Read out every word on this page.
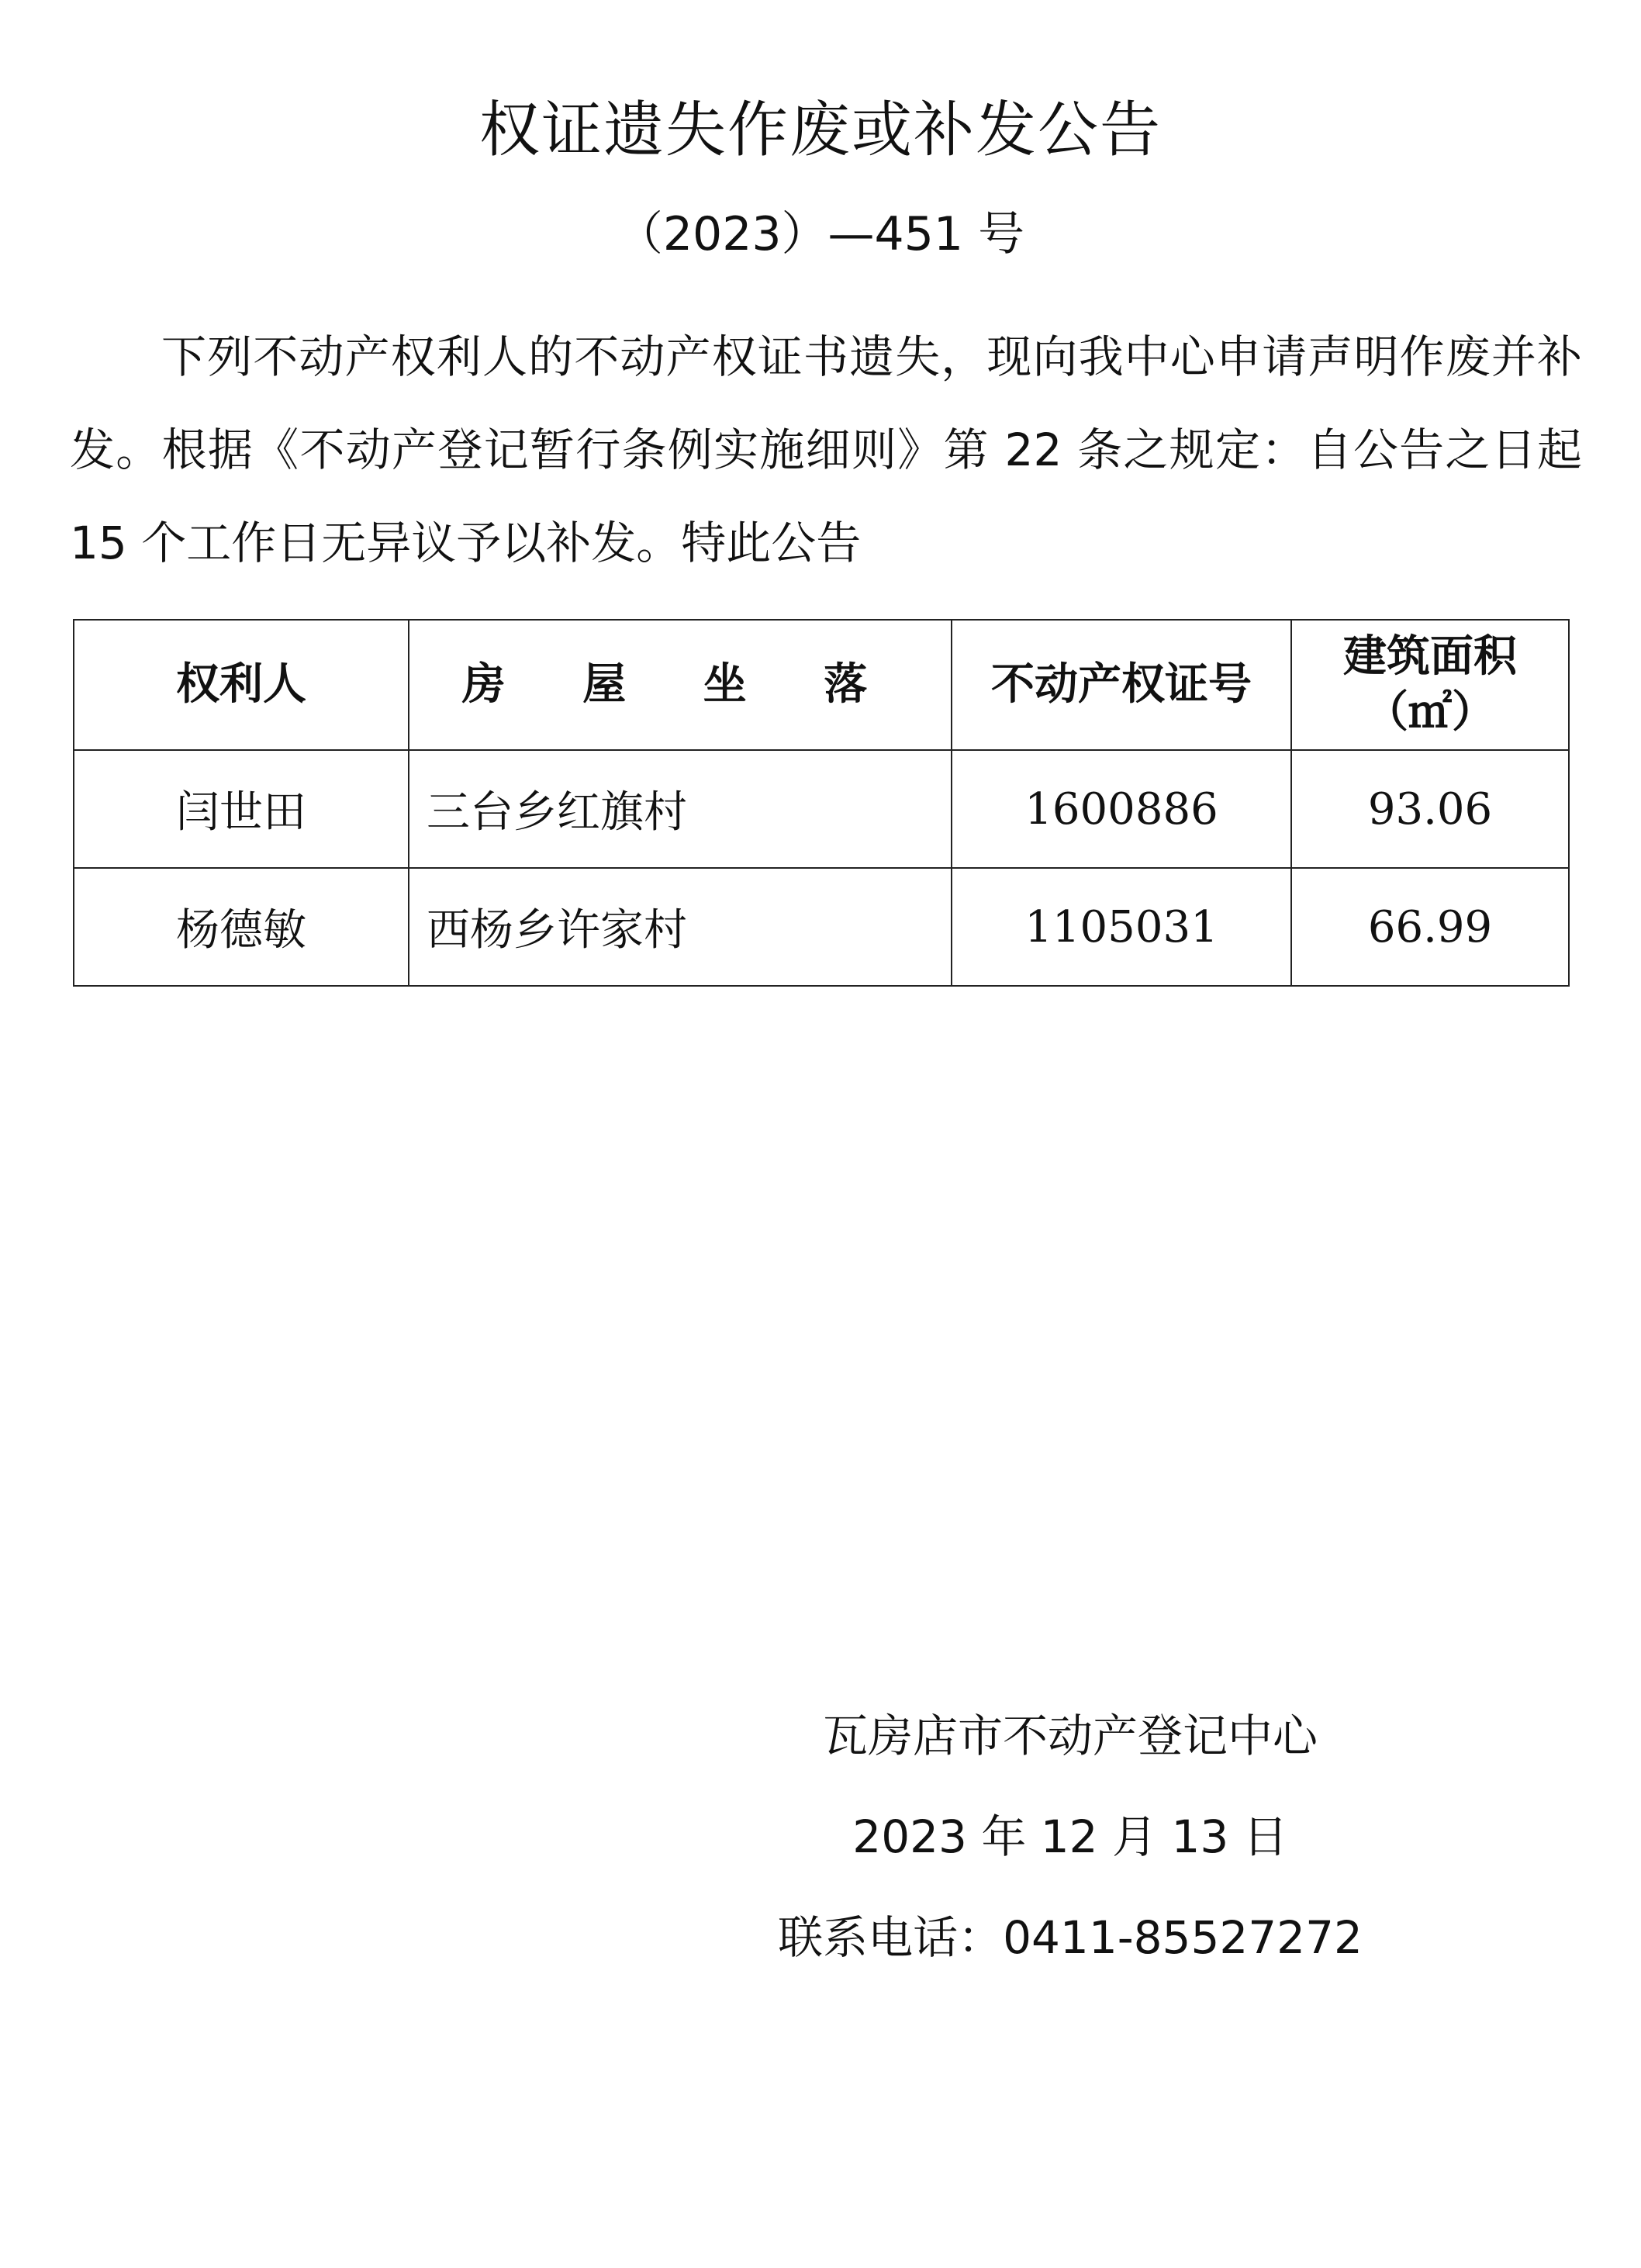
权证遗失作废或补发公告
（2023）—451 号

下列不动产权利人的不动产权证书遗失，现向我中心申请声明作废并补发。根据《不动产登记暂行条例实施细则》第 22 条之规定：自公告之日起 15 个工作日无异议予以补发。特此公告

权利人	房 屋 坐 落	不动产权证号	建筑面积（㎡）
闫世田	三台乡红旗村	1600886	93.06
杨德敏	西杨乡许家村	1105031	66.99
瓦房店市不动产登记中心
2023 年 12 月 13 日
联系电话：0411-85527272
